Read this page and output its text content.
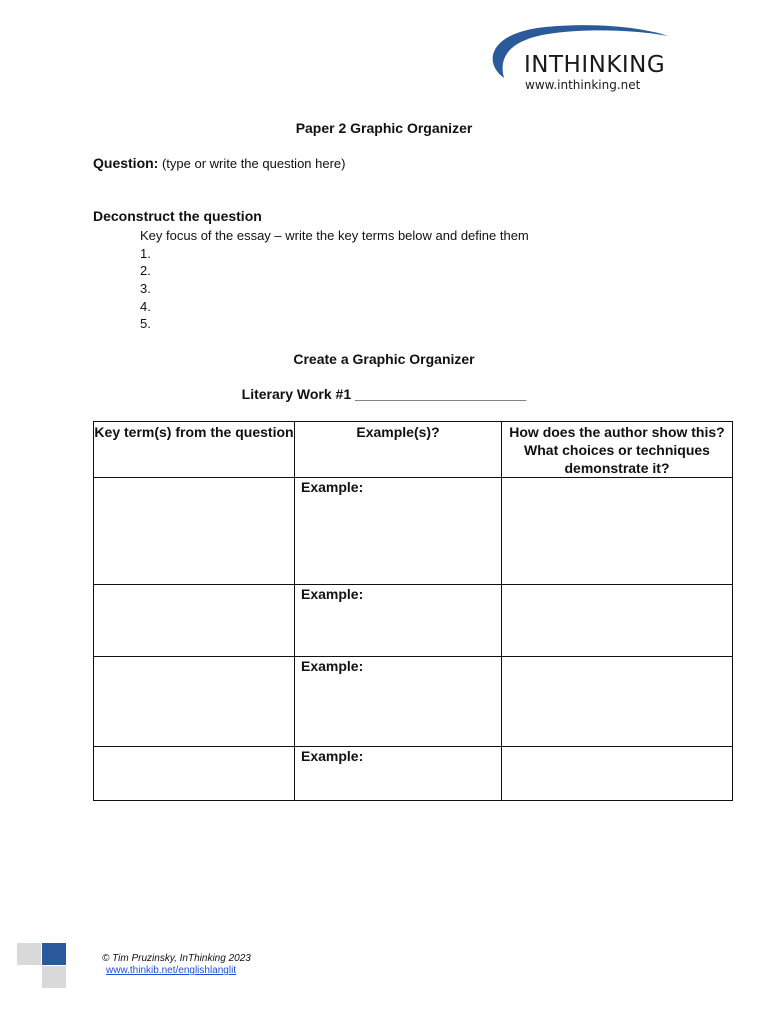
INTHINKING
www.inthinking.net
Paper 2 Graphic Organizer
Question: (type or write the question here)
Deconstruct the question
Key focus of the essay – write the key terms below and define them
1.
2.
3.
4.
5.
Create a Graphic Organizer
Literary Work #1 ______________________
Key term(s) from the question	Example(s)?	How does the author show this? What choices or techniques demonstrate it?

	Example:	

	Example:	

	Example:	

	Example:	

© Tim Pruzinsky, InThinking 2023
www.thinkib.net/englishlanglit
